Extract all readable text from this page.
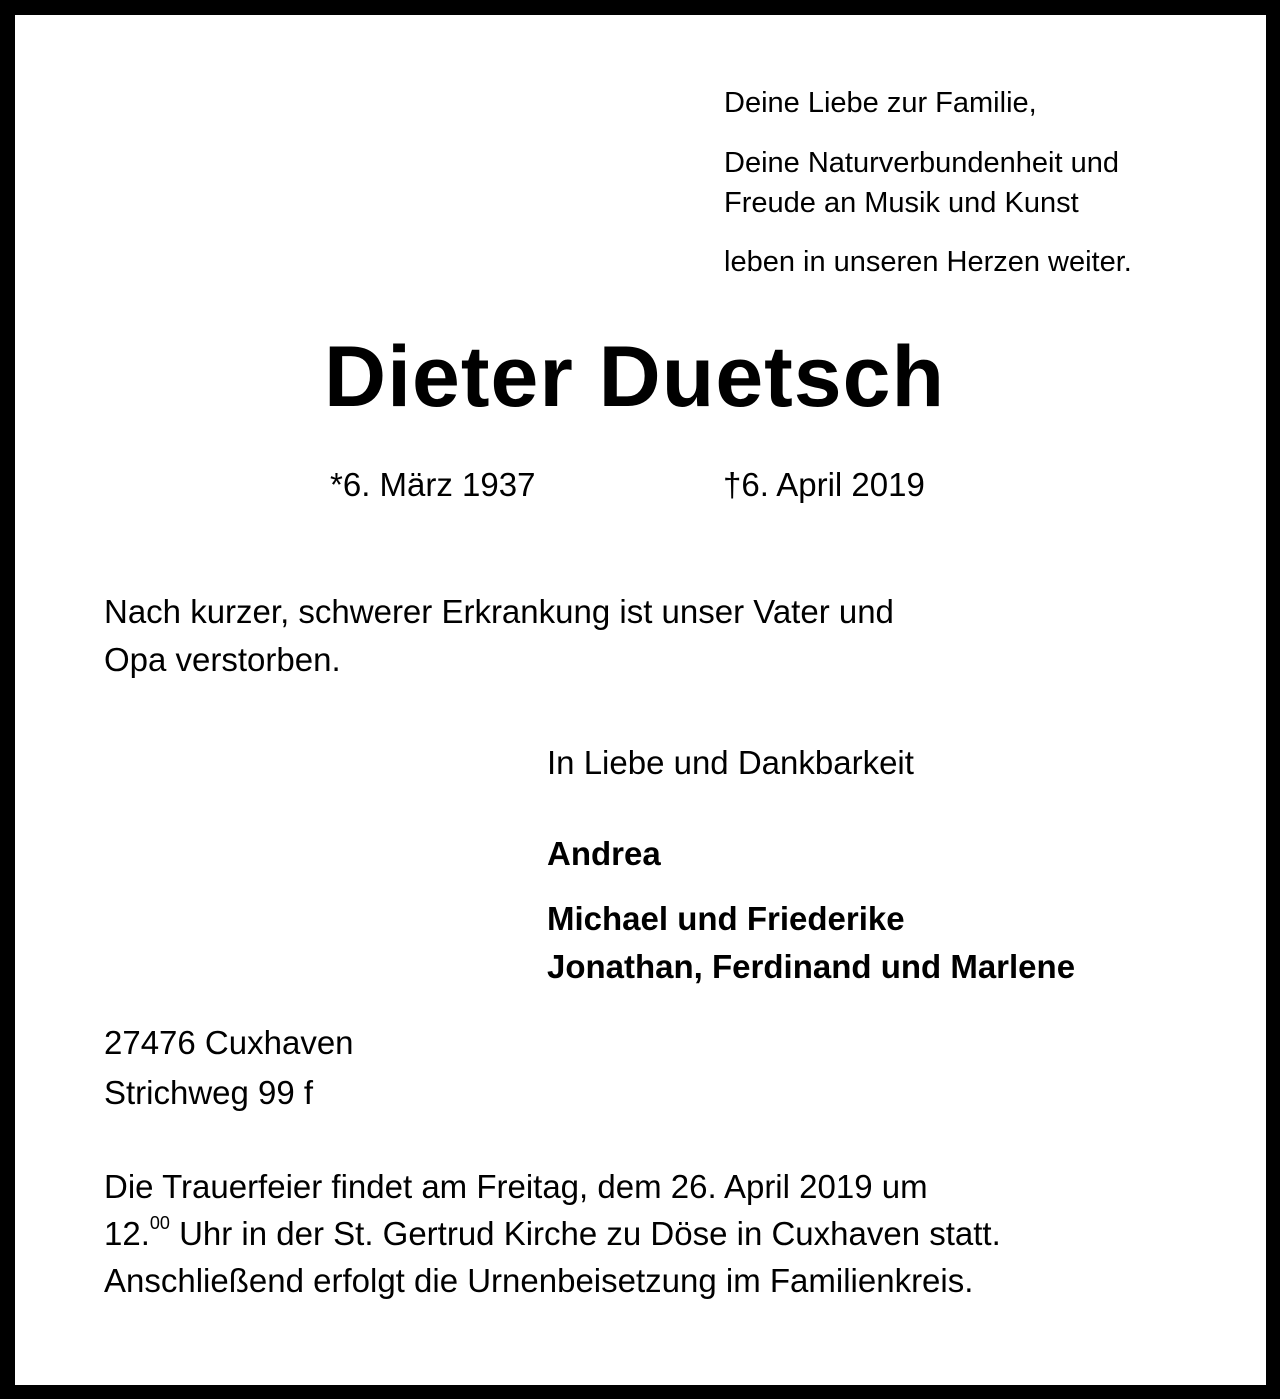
Deine Liebe zur Familie,

Deine Naturverbundenheit und

Freude an Musik und Kunst

leben in unseren Herzen weiter.

Dieter Duetsch

*6. März 1937	†6. April 2019

Nach kurzer, schwerer Erkrankung ist unser Vater und
Opa verstorben.

In Liebe und Dankbarkeit

Andrea

Michael und Friederike
Jonathan, Ferdinand und Marlene
27476 Cuxhaven
Strichweg 99 f
Die Trauerfeier findet am Freitag, dem 26. April 2019 um
12.00 Uhr in der St. Gertrud Kirche zu Döse in Cuxhaven statt.
Anschließend erfolgt die Urnenbeisetzung im Familienkreis.
